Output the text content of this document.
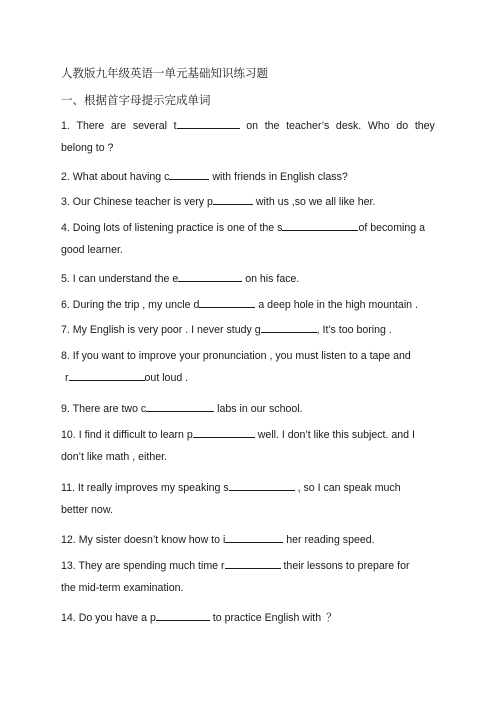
人教版九年级英语一单元基础知识练习题
一、根据首字母提示完成单词
1. There are several t	on the teacher’s desk. Who do they
belong to ?
2. What about having c	with friends in English class?
3. Our Chinese teacher is very p	with us ,so we all like her.
4. Doing lots of listening practice is one of the s	of becoming a
good learner.
5. I can understand the e	on his face.
6. During the trip , my uncle d	a deep hole in the high mountain .
7. My English is very poor . I never study g	, It’s too boring .
8. If you want to improve your pronunciation , you must listen to a tape and
r	out loud .
9. There are two c	labs in our school.
10. I find it difficult to learn p	well. I don’t like this subject. and I
don’t like math , either.
11. It really improves my speaking s	, so I can speak much
better now.
12. My sister doesn’t know how to i	her reading speed.
13. They are spending much time r	their lessons to prepare for
the mid-term examination.
14. Do you have a p	to practice English with ？
